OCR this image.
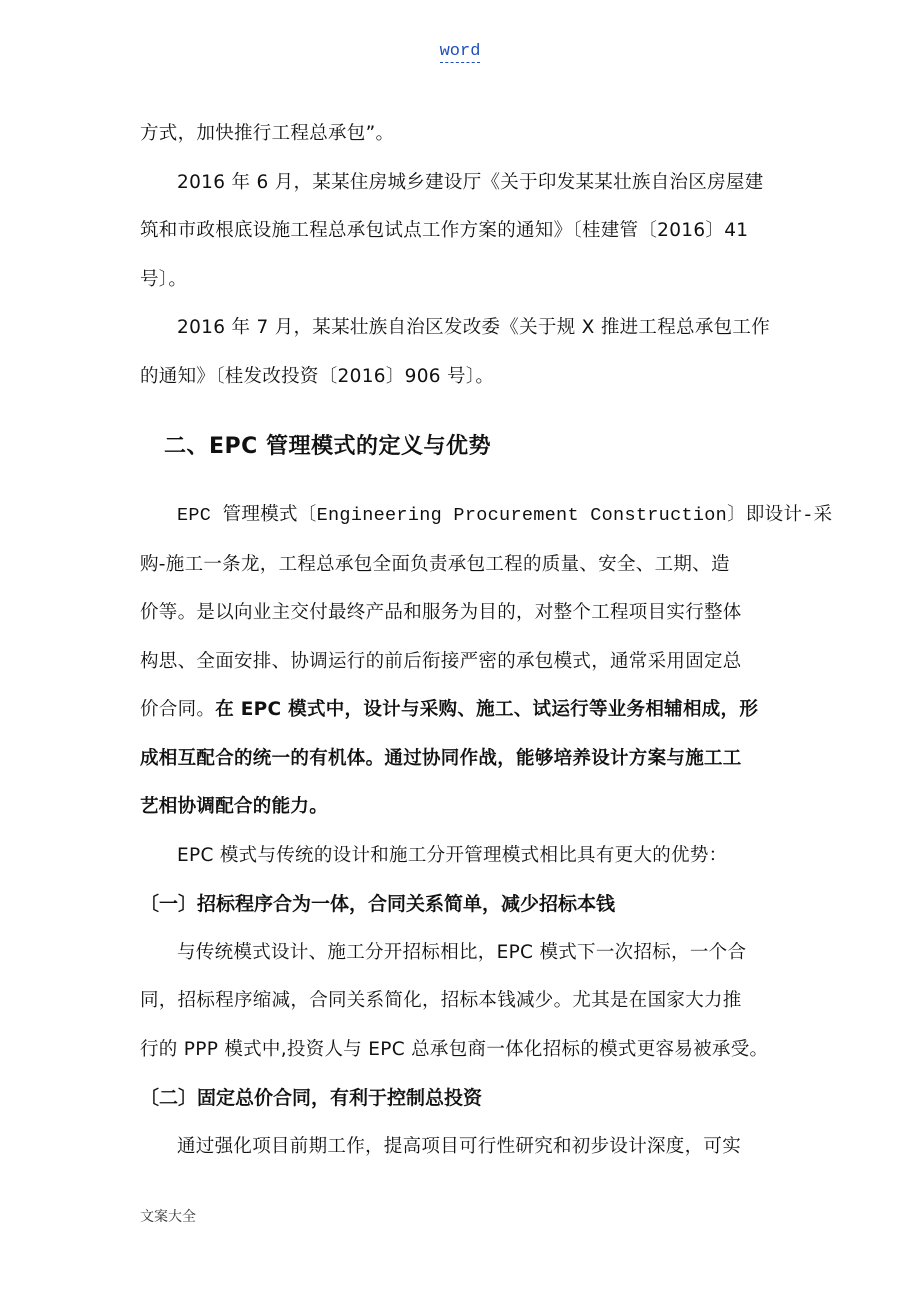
word

方式，加快推行工程总承包”。

2016 年 6 月，某某住房城乡建设厅《关于印发某某壮族自治区房屋建

筑和市政根底设施工程总承包试点工作方案的通知》〔桂建管〔2016〕41

号〕。

2016 年 7 月，某某壮族自治区发改委《关于规 X 推进工程总承包工作

的通知》〔桂发改投资〔2016〕906 号〕。

二、EPC 管理模式的定义与优势

EPC 管理模式〔Engineering Procurement Construction〕即设计-采

购-施工一条龙，工程总承包全面负责承包工程的质量、安全、工期、造

价等。是以向业主交付最终产品和服务为目的，对整个工程项目实行整体

构思、全面安排、协调运行的前后衔接严密的承包模式，通常采用固定总

价合同。在 EPC 模式中，设计与采购、施工、试运行等业务相辅相成，形

成相互配合的统一的有机体。通过协同作战，能够培养设计方案与施工工

艺相协调配合的能力。

EPC 模式与传统的设计和施工分开管理模式相比具有更大的优势：

〔一〕招标程序合为一体，合同关系简单，减少招标本钱

与传统模式设计、施工分开招标相比，EPC 模式下一次招标，一个合

同，招标程序缩减，合同关系简化，招标本钱减少。尤其是在国家大力推

行的 PPP 模式中,投资人与 EPC 总承包商一体化招标的模式更容易被承受。

〔二〕固定总价合同，有利于控制总投资

通过强化项目前期工作，提高项目可行性研究和初步设计深度，可实

文案大全
